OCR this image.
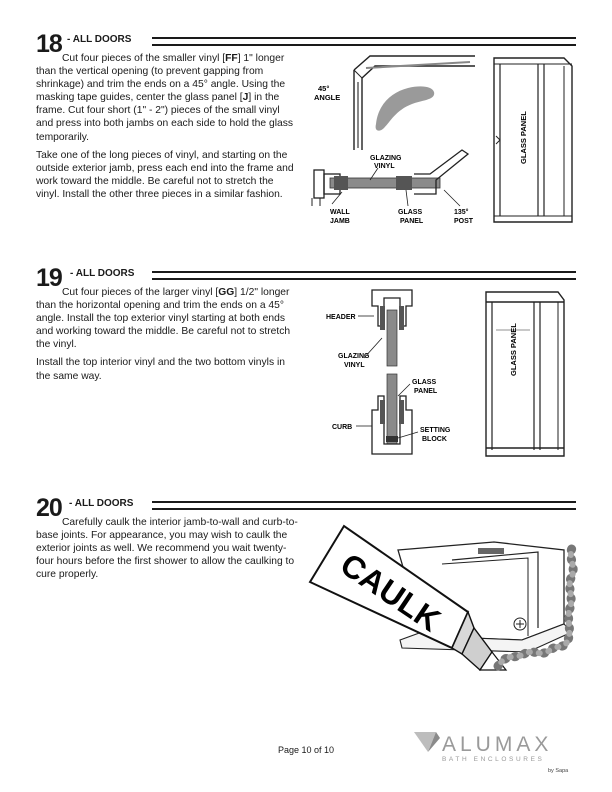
18 - ALL DOORS

Cut four pieces of the smaller vinyl [FF] 1" longer than the vertical opening (to prevent gapping from shrinkage) and trim the ends on a 45° angle. Using the masking tape guides, center the glass panel [J] in the frame. Cut four short (1" - 2") pieces of the small vinyl and press into both jambs on each side to hold the glass temporarily.

Take one of the long pieces of vinyl, and starting on the outside exterior jamb, press each end into the frame and work toward the middle. Be careful not to stretch the vinyl. Install the other three pieces in a similar fashion.

45°
ANGLE
GLAZING
VINYL
WALL
JAMB
GLASS
PANEL
135°
POST
GLASS PANEL
19 - ALL DOORS

Cut four pieces of the larger vinyl [GG] 1/2" longer than the horizontal opening and trim the ends on a 45° angle. Install the top exterior vinyl starting at both ends and working toward the middle. Be careful not to stretch the vinyl.

Install the top interior vinyl and the two bottom vinyls in the same way.

HEADER
GLAZING
VINYL
GLASS
PANEL
CURB	SETTING
BLOCK
GLASS PANEL
20 - ALL DOORS

Carefully caulk the interior jamb-to-wall and curb-to-base joints. For appearance, you may wish to caulk the exterior joints as well. We recommend you wait twenty-four hours before the first shower to allow the caulking to cure properly.	CAULK
Page 10 of 10	ALUMAX
BATH ENCLOSURES
by Sapa
